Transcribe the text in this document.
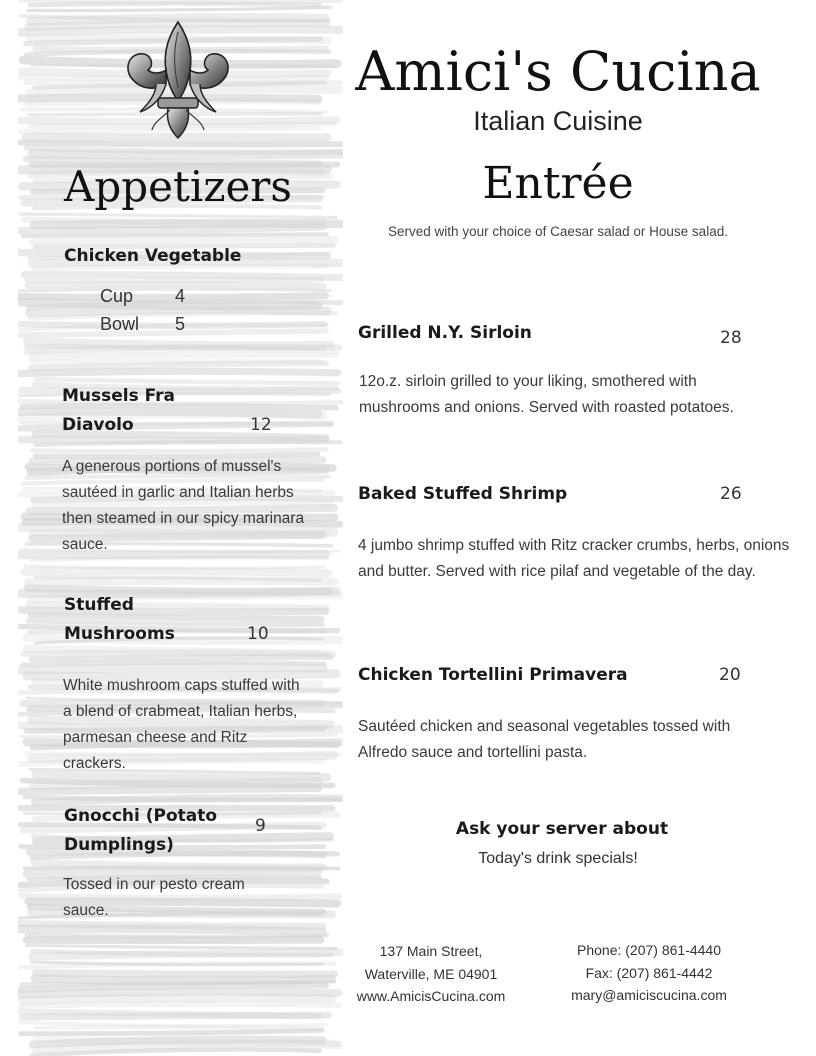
Amici's Cucina
Italian Cuisine
Appetizers
Chicken Vegetable
Cup 4
Bowl 5
Mussels Fra
Diavolo	12
A generous portions of mussel's sautéed in garlic and Italian herbs then steamed in our spicy marinara sauce.
Stuffed
Mushrooms	10
White mushroom caps stuffed with a blend of crabmeat, Italian herbs, parmesan cheese and Ritz crackers.
Gnocchi (Potato
Dumplings)
9
Tossed in our pesto cream sauce.
Entrée
Served with your choice of Caesar salad or House salad.
Grilled N.Y. Sirloin	28
12o.z. sirloin grilled to your liking, smothered with mushrooms and onions. Served with roasted potatoes.
Baked Stuffed Shrimp	26
4 jumbo shrimp stuffed with Ritz cracker crumbs, herbs, onions and butter. Served with rice pilaf and vegetable of the day.
Chicken Tortellini Primavera	20
Sautéed chicken and seasonal vegetables tossed with Alfredo sauce and tortellini pasta.
Ask your server about
Today's drink specials!
137 Main Street,
Waterville, ME 04901
www.AmicisCucina.com
Phone: (207) 861-4440
Fax: (207) 861-4442
mary@amiciscucina.com
